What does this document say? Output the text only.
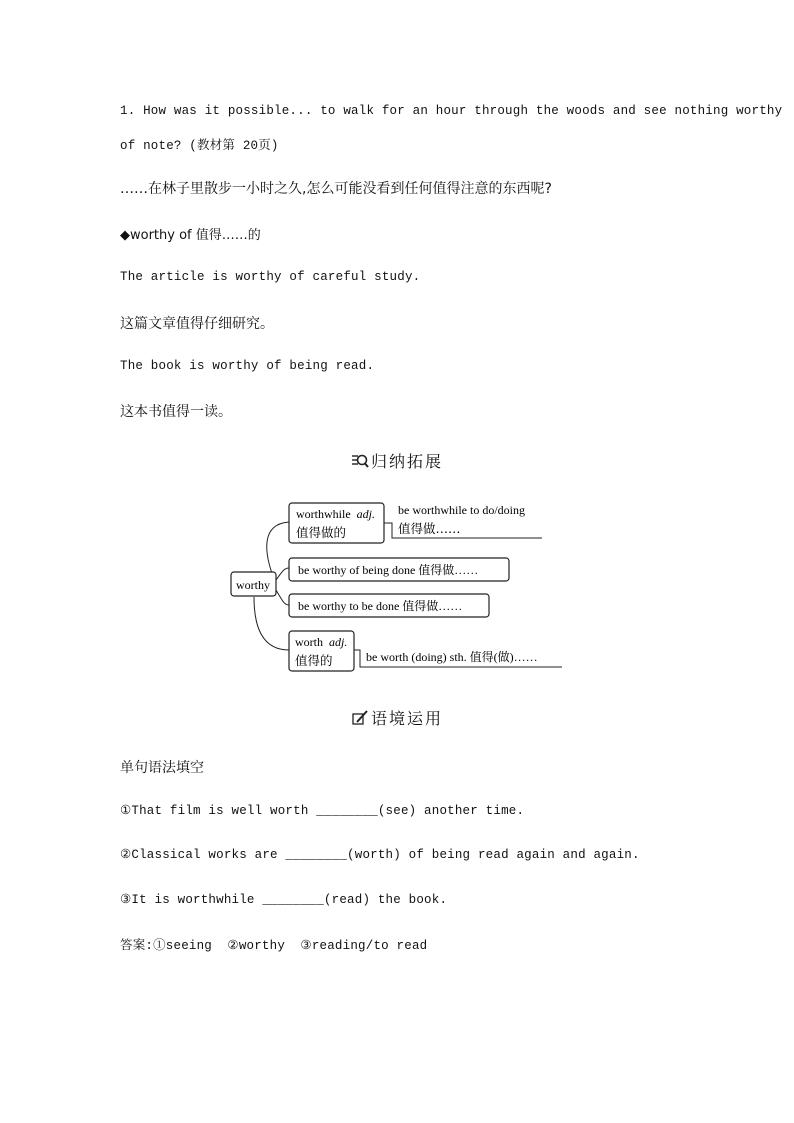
1. How was it possible... to walk for an hour through the woods and see nothing worthy
of note? (教材第 20页)
……在林子里散步一小时之久,怎么可能没看到任何值得注意的东西呢?
◆worthy of 值得……的
The article is worthy of careful study.
这篇文章值得仔细研究。
The book is worthy of being read.
这本书值得一读。
归纳拓展
worthy
worthwhile adj.
值得做的
be worthwhile to do/doing
值得做……
be worthy of being done 值得做……
be worthy to be done 值得做……
worth adj.
值得的	be worth (doing) sth. 值得(做)……
语境运用
单句语法填空
①That film is well worth ________(see) another time.
②Classical works are ________(worth) of being read again and again.
③It is worthwhile ________(read) the book.
答案:①seeing  ②worthy  ③reading/to read
